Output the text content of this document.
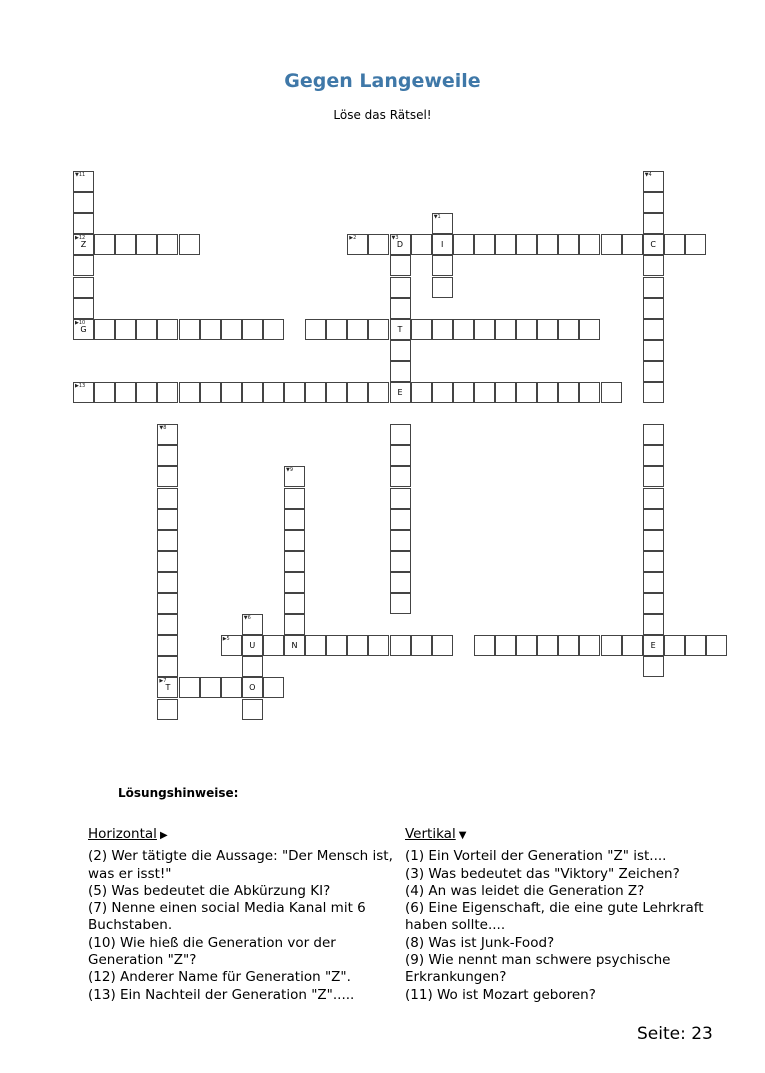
Gegen Langeweile
Löse das Rätsel!
▶12
Z
▶2	▼3
D	I	C
▶10
G	T
▶13
E
▶5
U	N	E
▶7
T	O
▼11	▼4
▼1
▼8
▼9
▼6
Lösungshinweise:
Horizontal ▶

(2) Wer tätigte die Aussage: "Der Mensch ist, was er isst!"

(5) Was bedeutet die Abkürzung KI?

(7) Nenne einen social Media Kanal mit 6 Buchstaben.

(10) Wie hieß die Generation vor der Generation "Z"?

(12) Anderer Name für Generation "Z".

(13) Ein Nachteil der Generation "Z".....

Vertikal ▼

(1) Ein Vorteil der Generation "Z" ist....

(3) Was bedeutet das "Viktory" Zeichen?

(4) An was leidet die Generation Z?

(6) Eine Eigenschaft, die eine gute Lehrkraft haben sollte....

(8) Was ist Junk-Food?

(9) Wie nennt man schwere psychische Erkrankungen?

(11) Wo ist Mozart geboren?

Seite: 23
